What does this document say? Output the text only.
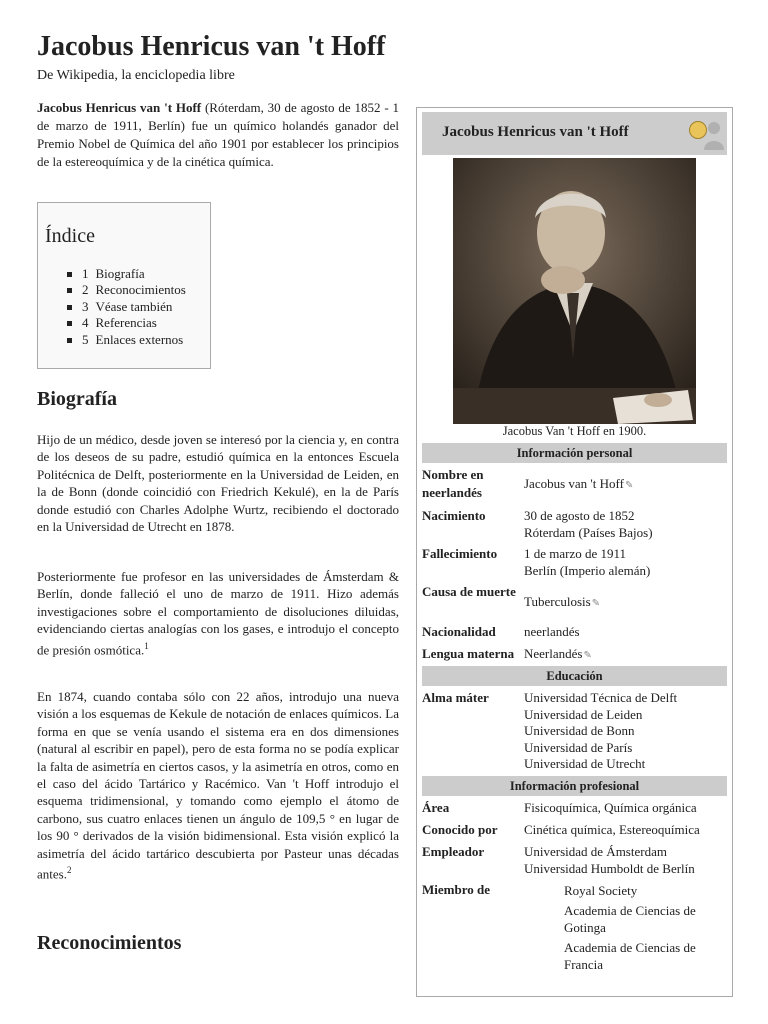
Jacobus Henricus van 't Hoff
De Wikipedia, la enciclopedia libre
Jacobus Henricus van 't Hoff (Róterdam, 30 de agosto de 1852 - 1 de marzo de 1911, Berlín) fue un químico holandés ganador del Premio Nobel de Química del año 1901 por establecer los principios de la estereoquímica y de la cinética química.
Índice
1 Biografía
2 Reconocimientos
3 Véase también
4 Referencias
5 Enlaces externos
Biografía
Hijo de un médico, desde joven se interesó por la ciencia y, en contra de los deseos de su padre, estudió química en la entonces Escuela Politécnica de Delft, posteriormente en la Universidad de Leiden, en la de Bonn (donde coincidió con Friedrich Kekulé), en la de París donde estudió con Charles Adolphe Wurtz, recibiendo el doctorado en la Universidad de Utrecht en 1878.
Posteriormente fue profesor en las universidades de Ámsterdam & Berlín, donde falleció el uno de marzo de 1911. Hizo además investigaciones sobre el comportamiento de disoluciones diluidas, evidenciando ciertas analogías con los gases, e introdujo el concepto de presión osmótica.$^1$
En 1874, cuando contaba sólo con 22 años, introdujo una nueva visión a los esquemas de Kekule de notación de enlaces químicos. La forma en que se venía usando el sistema era en dos dimensiones (natural al escribir en papel), pero de esta forma no se podía explicar la falta de asimetría en ciertos casos, y la asimetría en otros, como en el caso del ácido Tartárico y Racémico. Van 't Hoff introdujo el esquema tridimensional, y tomando como ejemplo el átomo de carbono, sus cuatro enlaces tienen un ángulo de 109,5 ° en lugar de los 90 ° derivados de la visión bidimensional. Esta visión explicó la asimetría del ácido tartárico descubierta por Pasteur unas décadas antes.$^2$
Reconocimientos
Jacobus Henricus van 't Hoff
Jacobus Van 't Hoff en 1900.
Información personal
Nombre en neerlandés
Jacobus van 't Hoff✎
Nacimiento	30 de agosto de 1852
Róterdam (Países Bajos)
Fallecimiento	1 de marzo de 1911
Berlín (Imperio alemán)
Causa de muerte
Tuberculosis✎
Nacionalidad	neerlandés
Lengua materna Neerlandés✎
Educación
Alma máter	Universidad Técnica de Delft
Universidad de Leiden
Universidad de Bonn
Universidad de París
Universidad de Utrecht
Información profesional
Área	Fisicoquímica, Química orgánica
Conocido por	Cinética química, Estereoquímica
Empleador	Universidad de Ámsterdam
Universidad Humboldt de Berlín
Miembro de	Royal Society
Academia de Ciencias de Gotinga
Academia de Ciencias de Francia
